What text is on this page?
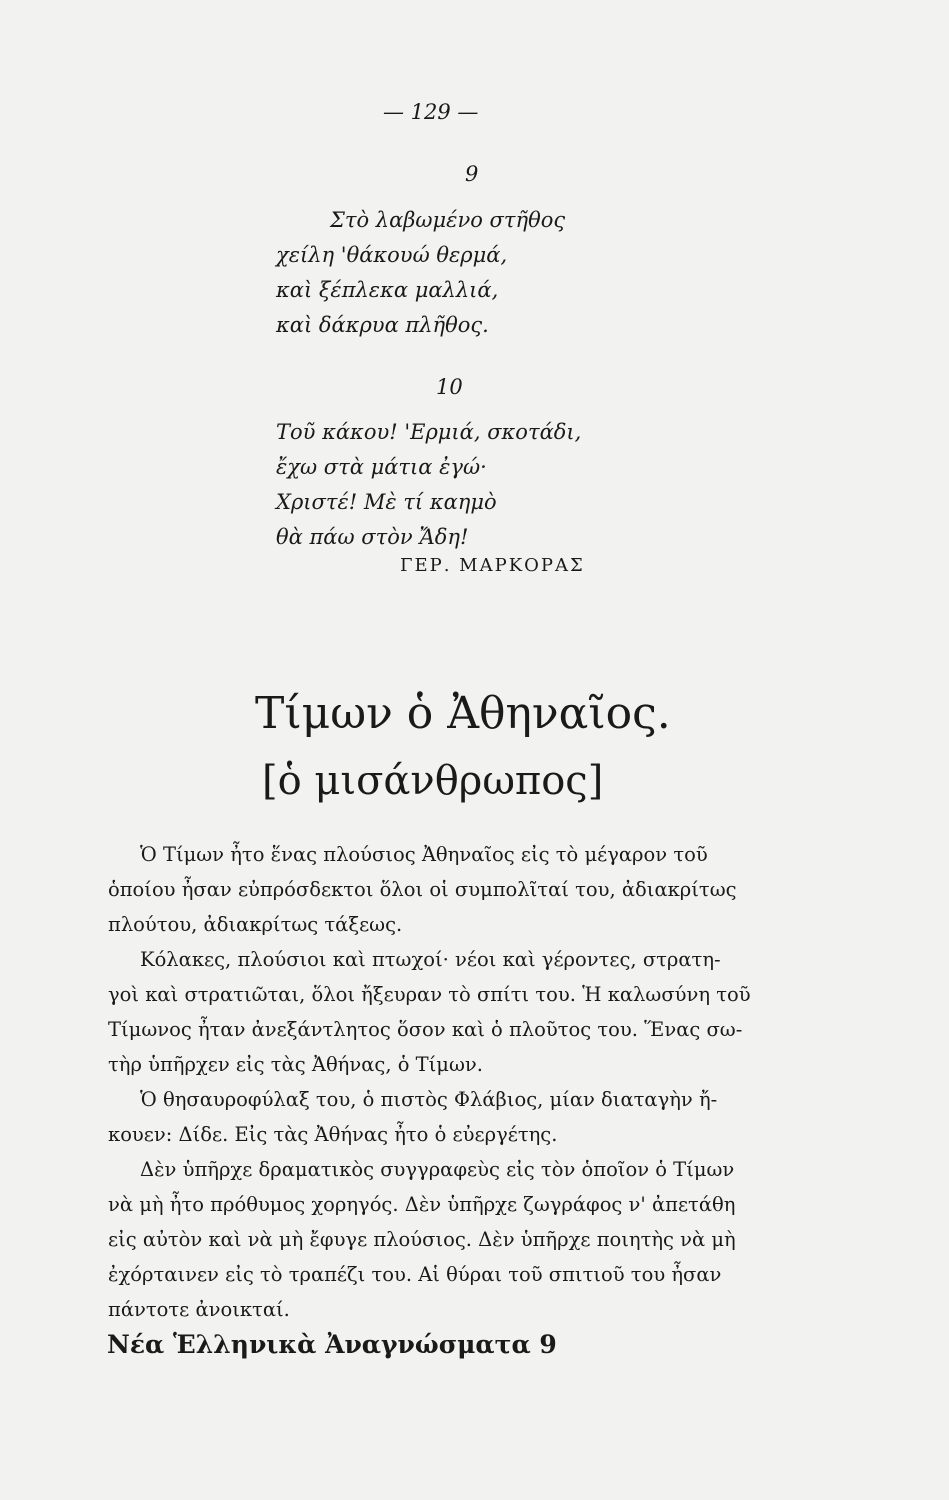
— 129 —
9
Στὸ λαβωμένο στῆθος
χείλη 'θάκουώ θερμά,
καὶ ξέπλεκα μαλλιά,
καὶ δάκρυα πλῆθος.
10
Τοῦ κάκου! 'Ερμιά, σκοτάδι,
ἔχω στὰ μάτια ἐγώ·
Χριστέ! Μὲ τί καημὸ
θὰ πάω στὸν Ἄδη!
ΓΕΡ. ΜΑΡΚΟΡΑΣ
Τίμων ὁ Ἀθηναῖος.
[ὁ μισάνθρωπος]
Ὁ Τίμων ἦτο ἕνας πλούσιος Ἀθηναῖος εἰς τὸ μέγαρον τοῦ
ὁποίου ἦσαν εὐπρόσδεκτοι ὅλοι οἱ συμπολῖταί του, ἀδιακρίτως
πλούτου, ἀδιακρίτως τάξεως.
Κόλακες, πλούσιοι καὶ πτωχοί· νέοι καὶ γέροντες, στρατη-
γοὶ καὶ στρατιῶται, ὅλοι ἤξευραν τὸ σπίτι του. Ἡ καλωσύνη τοῦ
Τίμωνος ἦταν ἀνεξάντλητος ὅσον καὶ ὁ πλοῦτος του. Ἕνας σω-
τὴρ ὑπῆρχεν εἰς τὰς Ἀθήνας, ὁ Τίμων.
Ὁ θησαυροφύλαξ του, ὁ πιστὸς Φλάβιος, μίαν διαταγὴν ἤ-
κουεν: Δίδε. Εἰς τὰς Ἀθήνας ἦτο ὁ εὐεργέτης.
Δὲν ὑπῆρχε δραματικὸς συγγραφεὺς εἰς τὸν ὁποῖον ὁ Τίμων
νὰ μὴ ἦτο πρόθυμος χορηγός. Δὲν ὑπῆρχε ζωγράφος ν' ἀπετάθη
εἰς αὐτὸν καὶ νὰ μὴ ἔφυγε πλούσιος. Δὲν ὑπῆρχε ποιητὴς νὰ μὴ
ἐχόρταινεν εἰς τὸ τραπέζι του. Αἱ θύραι τοῦ σπιτιοῦ του ἦσαν
πάντοτε ἀνοικταί.
Νέα Ἑλληνικὰ Ἀναγνώσματα 9
